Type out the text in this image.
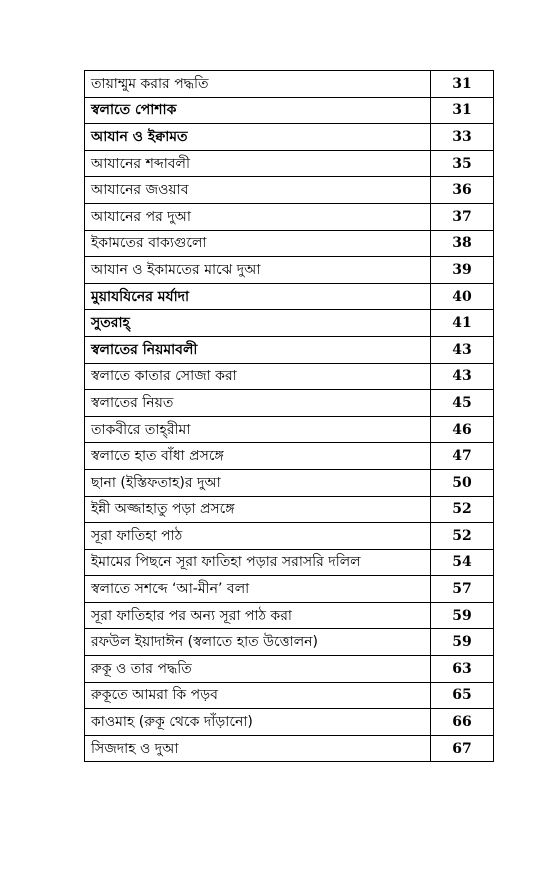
তায়াম্মুম করার পদ্ধতি	31
স্বলাতে পোশাক	31
আযান ও ইক্বামত	33
আযানের শব্দাবলী	35
আযানের জওয়াব	36
আযানের পর দুআ	37
ইকামতের বাক্যগুলো	38
আযান ও ইকামতের মাঝে দুআ	39
মুয়াযযিনের মর্যাদা	40
সুতরাহ্	41
স্বলাতের নিয়মাবলী	43
স্বলাতে কাতার সোজা করা	43
স্বলাতের নিয়ত	45
তাকবীরে তাহ্‌রীমা	46
স্বলাতে হাত বাঁধা প্রসঙ্গে	47
ছানা (ইস্তিফতাহ)র দুআ	50
ইন্নী অজ্জাহাতু পড়া প্রসঙ্গে	52
সূরা ফাতিহা পাঠ	52
ইমামের পিছনে সূরা ফাতিহা পড়ার সরাসরি দলিল	54
স্বলাতে সশব্দে ‘আ-মীন’ বলা	57
সূরা ফাতিহার পর অন্য সূরা পাঠ করা	59
রফউল ইয়াদাঈন (স্বলাতে হাত উত্তোলন)	59
রুকূ ও তার পদ্ধতি	63
রুকূতে আমরা কি পড়ব	65
কাওমাহ (রুকূ থেকে দাঁড়ানো)	66
সিজদাহ ও দুআ	67
